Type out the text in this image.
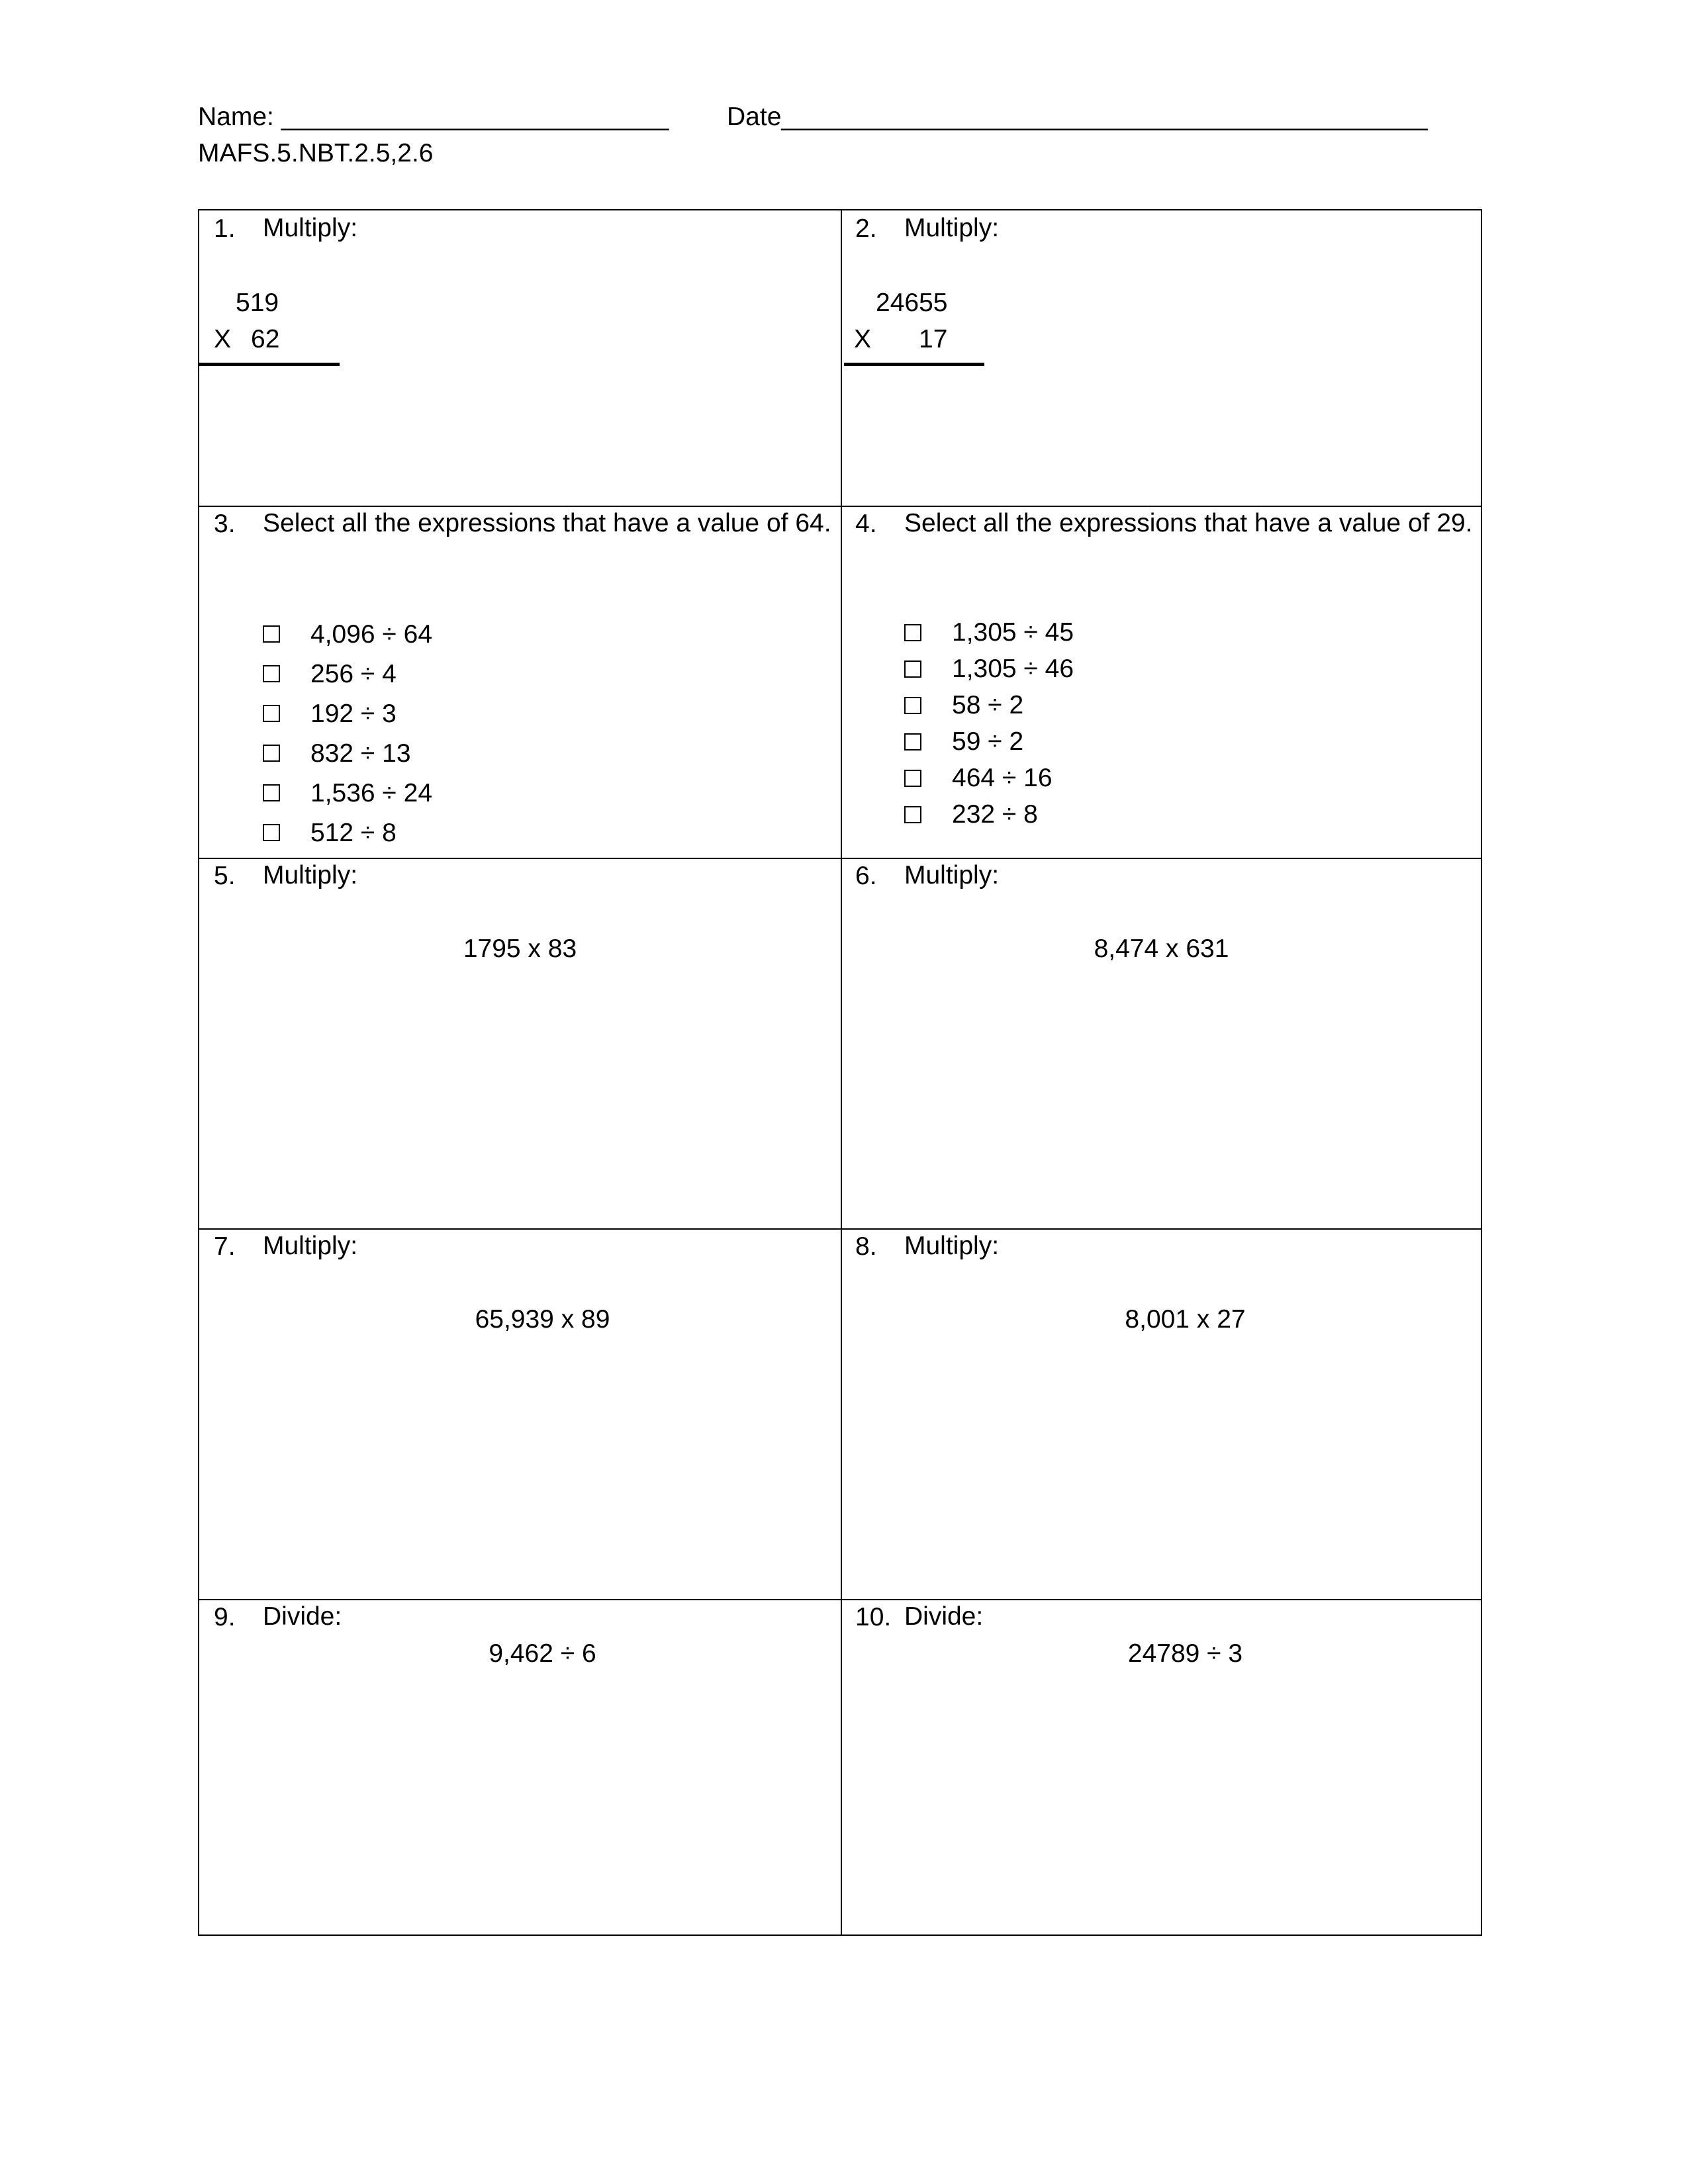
Name: ___________________________ Date_____________________________________________
MAFS.5.NBT.2.5,2.6
1. Multiply:
519
X 62
2. Multiply:
24655
X 17
3. Select all the expressions that have a value of 64.
4,096 ÷ 64
256 ÷ 4
192 ÷ 3
832 ÷ 13
1,536 ÷ 24
512 ÷ 8
4. Select all the expressions that have a value of 29.
1,305 ÷ 45
1,305 ÷ 46
58 ÷ 2
59 ÷ 2
464 ÷ 16
232 ÷ 8
5. Multiply:
1795 x 83
6. Multiply:
8,474 x 631
7. Multiply:
65,939 x 89
8. Multiply:
8,001 x 27
9. Divide:
9,462 ÷ 6
10. Divide:
24789 ÷ 3
